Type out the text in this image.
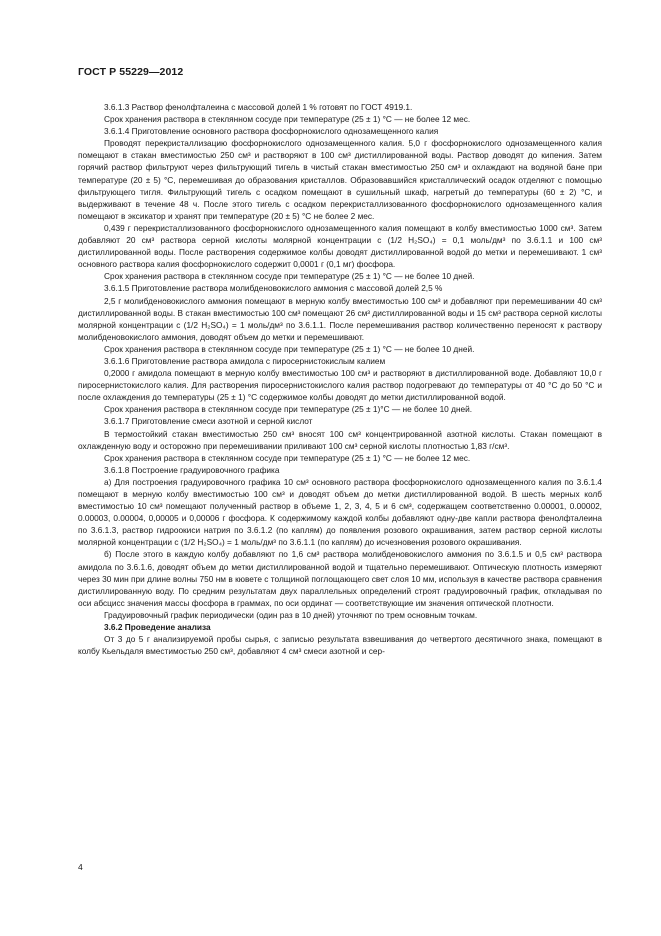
ГОСТ Р 55229—2012

3.6.1.3 Раствор фенолфталеина с массовой долей 1 % готовят по ГОСТ 4919.1.

Срок хранения раствора в стеклянном сосуде при температуре (25 ± 1) °С — не более 12 мес.

3.6.1.4 Приготовление основного раствора фосфорнокислого однозамещенного калия

Проводят перекристаллизацию фосфорнокислого однозамещенного калия. 5,0 г фосфорнокислого однозамещенного калия помещают в стакан вместимостью 250 см³ и растворяют в 100 см³ дистиллированной воды. Раствор доводят до кипения. Затем горячий раствор фильтруют через фильтрующий тигель в чистый стакан вместимостью 250 см³ и охлаждают на водяной бане при температуре (20 ± 5) °С, перемешивая до образования кристаллов. Образовавшийся кристаллический осадок отделяют с помощью фильтрующего тигля. Фильтрующий тигель с осадком помещают в сушильный шкаф, нагретый до температуры (60 ± 2) °С, и выдерживают в течение 48 ч. После этого тигель с осадком перекристаллизованного фосфорнокислого однозамещенного калия помещают в эксикатор и хранят при температуре (20 ± 5) °С не более 2 мес.

0,439 г перекристаллизованного фосфорнокислого однозамещенного калия помещают в колбу вместимостью 1000 см³. Затем добавляют 20 см³ раствора серной кислоты молярной концентрации с (1/2 H₂SO₄) = 0,1 моль/дм³ по 3.6.1.1 и 100 см³ дистиллированной воды. После растворения содержимое колбы доводят дистиллированной водой до метки и перемешивают. 1 см³ основного раствора калия фосфорнокислого содержит 0,0001 г (0,1 мг) фосфора.

Срок хранения раствора в стеклянном сосуде при температуре (25 ± 1) °С — не более 10 дней.

3.6.1.5 Приготовление раствора молибденовокислого аммония с массовой долей 2,5 %

2,5 г молибденовокислого аммония помещают в мерную колбу вместимостью 100 см³ и добавляют при перемешивании 40 см³ дистиллированной воды. В стакан вместимостью 100 см³ помещают 26 см³ дистиллированной воды и 15 см³ раствора серной кислоты молярной концентрации с (1/2 H₂SO₄) = 1 моль/дм³ по 3.6.1.1. После перемешивания раствор количественно переносят к раствору молибденовокислого аммония, доводят объем до метки и перемешивают.

Срок хранения раствора в стеклянном сосуде при температуре (25 ± 1) °С — не более 10 дней.

3.6.1.6 Приготовление раствора амидола с пиросернистокислым калием

0,2000 г амидола помещают в мерную колбу вместимостью 100 см³ и растворяют в дистиллированной воде. Добавляют 10,0 г пиросернистокислого калия. Для растворения пиросернистокислого калия раствор подогревают до температуры от 40 °С до 50 °С и после охлаждения до температуры (25 ± 1) °С содержимое колбы доводят до метки дистиллированной водой.

Срок хранения раствора в стеклянном сосуде при температуре (25 ± 1)°С — не более 10 дней.

3.6.1.7 Приготовление смеси азотной и серной кислот

В термостойкий стакан вместимостью 250 см³ вносят 100 см³ концентрированной азотной кислоты. Стакан помещают в охлажденную воду и осторожно при перемешивании приливают 100 см³ серной кислоты плотностью 1,83 г/см³.

Срок хранения раствора в стеклянном сосуде при температуре (25 ± 1) °С — не более 12 мес.

3.6.1.8 Построение градуировочного графика

а) Для построения градуировочного графика 10 см³ основного раствора фосфорнокислого однозамещенного калия по 3.6.1.4 помещают в мерную колбу вместимостью 100 см³ и доводят объем до метки дистиллированной водой. В шесть мерных колб вместимостью 10 см³ помещают полученный раствор в объеме 1, 2, 3, 4, 5 и 6 см³, содержащем соответственно 0.00001, 0.00002, 0.00003, 0.00004, 0,00005 и 0,00006 г фосфора. К содержимому каждой колбы добавляют одну-две капли раствора фенолфталеина по 3.6.1.3, раствор гидроокиси натрия по 3.6.1.2 (по каплям) до появления розового окрашивания, затем раствор серной кислоты молярной концентрации с (1/2 H₂SO₄) = 1 моль/дм³ по 3.6.1.1 (по каплям) до исчезновения розового окрашивания.

б) После этого в каждую колбу добавляют по 1,6 см³ раствора молибденовокислого аммония по 3.6.1.5 и 0,5 см³ раствора амидола по 3.6.1.6, доводят объем до метки дистиллированной водой и тщательно перемешивают. Оптическую плотность измеряют через 30 мин при длине волны 750 нм в кювете с толщиной поглощающего свет слоя 10 мм, используя в качестве раствора сравнения дистиллированную воду. По средним результатам двух параллельных определений строят градуировочный график, откладывая по оси абсцисс значения массы фосфора в граммах, по оси ординат — соответствующие им значения оптической плотности.

Градуировочный график периодически (один раз в 10 дней) уточняют по трем основным точкам.

3.6.2 Проведение анализа

От 3 до 5 г анализируемой пробы сырья, с записью результата взвешивания до четвертого десятичного знака, помещают в колбу Кьельдаля вместимостью 250 см³, добавляют 4 см³ смеси азотной и сер-

4
